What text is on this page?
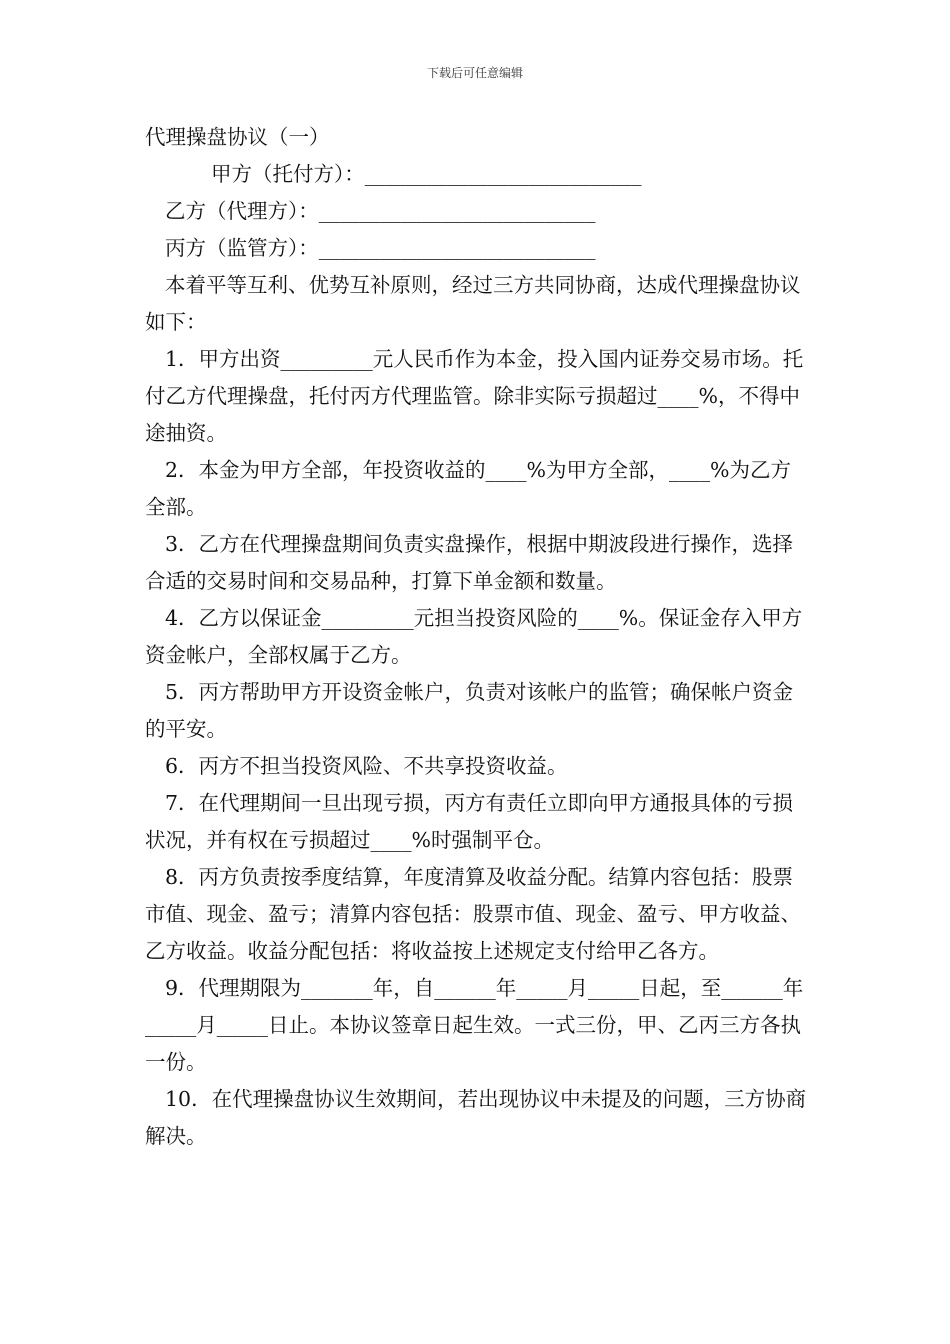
下载后可任意编辑

代理操盘协议（一）

甲方（托付方）：___________________________

乙方（代理方）：___________________________

丙方（监管方）：___________________________

本着平等互利、优势互补原则，经过三方共同协商，达成代理操盘协议如下：

1．甲方出资_________元人民币作为本金，投入国内证券交易市场。托付乙方代理操盘，托付丙方代理监管。除非实际亏损超过____%，不得中途抽资。

2．本金为甲方全部，年投资收益的____%为甲方全部，____%为乙方全部。

3．乙方在代理操盘期间负责实盘操作，根据中期波段进行操作，选择合适的交易时间和交易品种，打算下单金额和数量。

4．乙方以保证金_________元担当投资风险的____%。保证金存入甲方资金帐户，全部权属于乙方。

5．丙方帮助甲方开设资金帐户，负责对该帐户的监管；确保帐户资金的平安。

6．丙方不担当投资风险、不共享投资收益。

7．在代理期间一旦出现亏损，丙方有责任立即向甲方通报具体的亏损状况，并有权在亏损超过____%时强制平仓。

8．丙方负责按季度结算，年度清算及收益分配。结算内容包括：股票市值、现金、盈亏；清算内容包括：股票市值、现金、盈亏、甲方收益、乙方收益。收益分配包括：将收益按上述规定支付给甲乙各方。

9．代理期限为_______年，自______年_____月_____日起，至______年_____月_____日止。本协议签章日起生效。一式三份，甲、乙丙三方各执一份。

10．在代理操盘协议生效期间，若出现协议中未提及的问题，三方协商解决。
